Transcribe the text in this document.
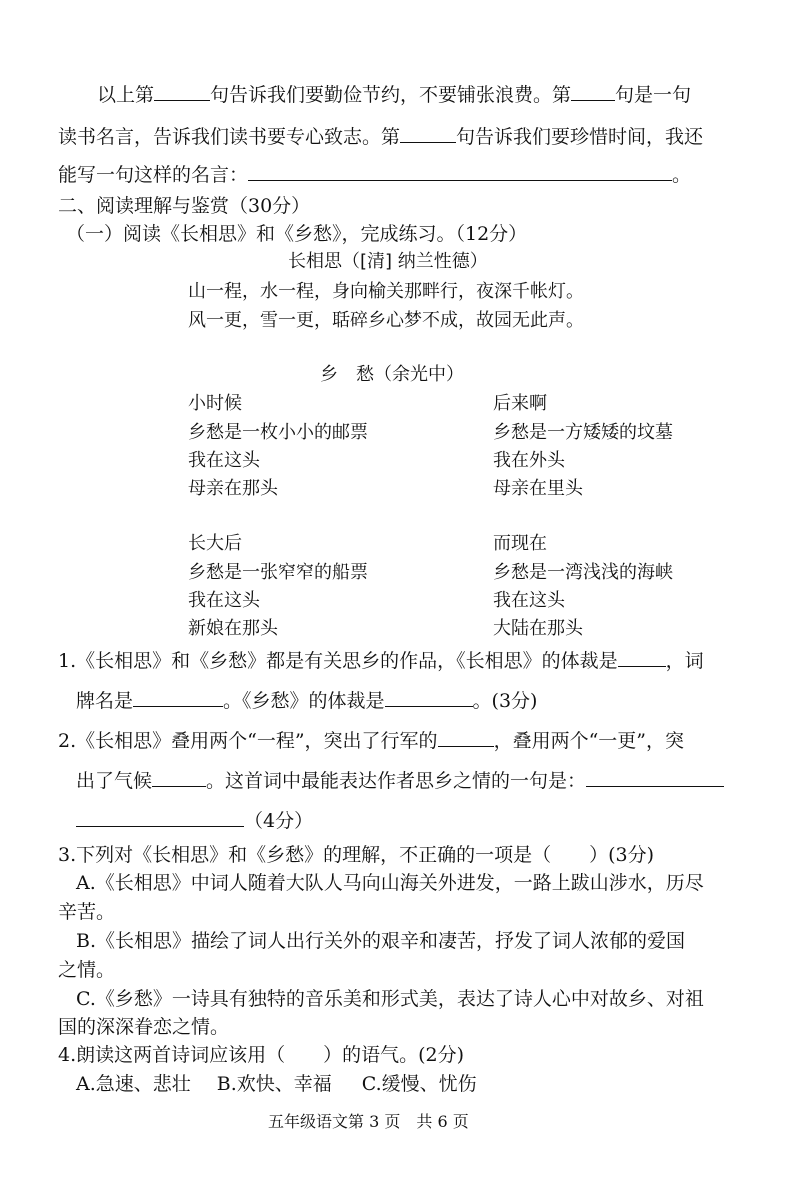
以上第	句告诉我们要勤俭节约，不要铺张浪费。第 句是一句
读书名言，告诉我们读书要专心致志。第	句告诉我们要珍惜时间，我还
能写一句这样的名言：	。
二、阅读理解与鉴赏（30分）
（一）阅读《长相思》和《乡愁》，完成练习。（12分）
长相思（[清] 纳兰性德）
山一程，水一程，身向榆关那畔行，夜深千帐灯。
风一更，雪一更，聒碎乡心梦不成，故园无此声。
乡　愁（余光中）
小时候
乡愁是一枚小小的邮票
我在这头
母亲在那头
后来啊
乡愁是一方矮矮的坟墓
我在外头
母亲在里头
长大后
乡愁是一张窄窄的船票
我在这头
新娘在那头
而现在
乡愁是一湾浅浅的海峡
我在这头
大陆在那头
1.《长相思》和《乡愁》都是有关思乡的作品，《长相思》的体裁是	，词
牌名是	。《乡愁》的体裁是	。(3分)
2.《长相思》叠用两个“一程”，突出了行军的	，叠用两个“一更”，突
出了气候	。这首词中最能表达作者思乡之情的一句是：
（4分）
3.下列对《长相思》和《乡愁》的理解，不正确的一项是（　　）(3分)
A.《长相思》中词人随着大队人马向山海关外进发，一路上跋山涉水，历尽
辛苦。
B.《长相思》描绘了词人出行关外的艰辛和凄苦，抒发了词人浓郁的爱国
之情。
C.《乡愁》一诗具有独特的音乐美和形式美，表达了诗人心中对故乡、对祖
国的深深眷恋之情。
4.朗读这两首诗词应该用（　　）的语气。(2分)
A.急速、悲壮 B.欢快、幸福 C.缓慢、忧伤
五年级语文第 3 页　共 6 页
